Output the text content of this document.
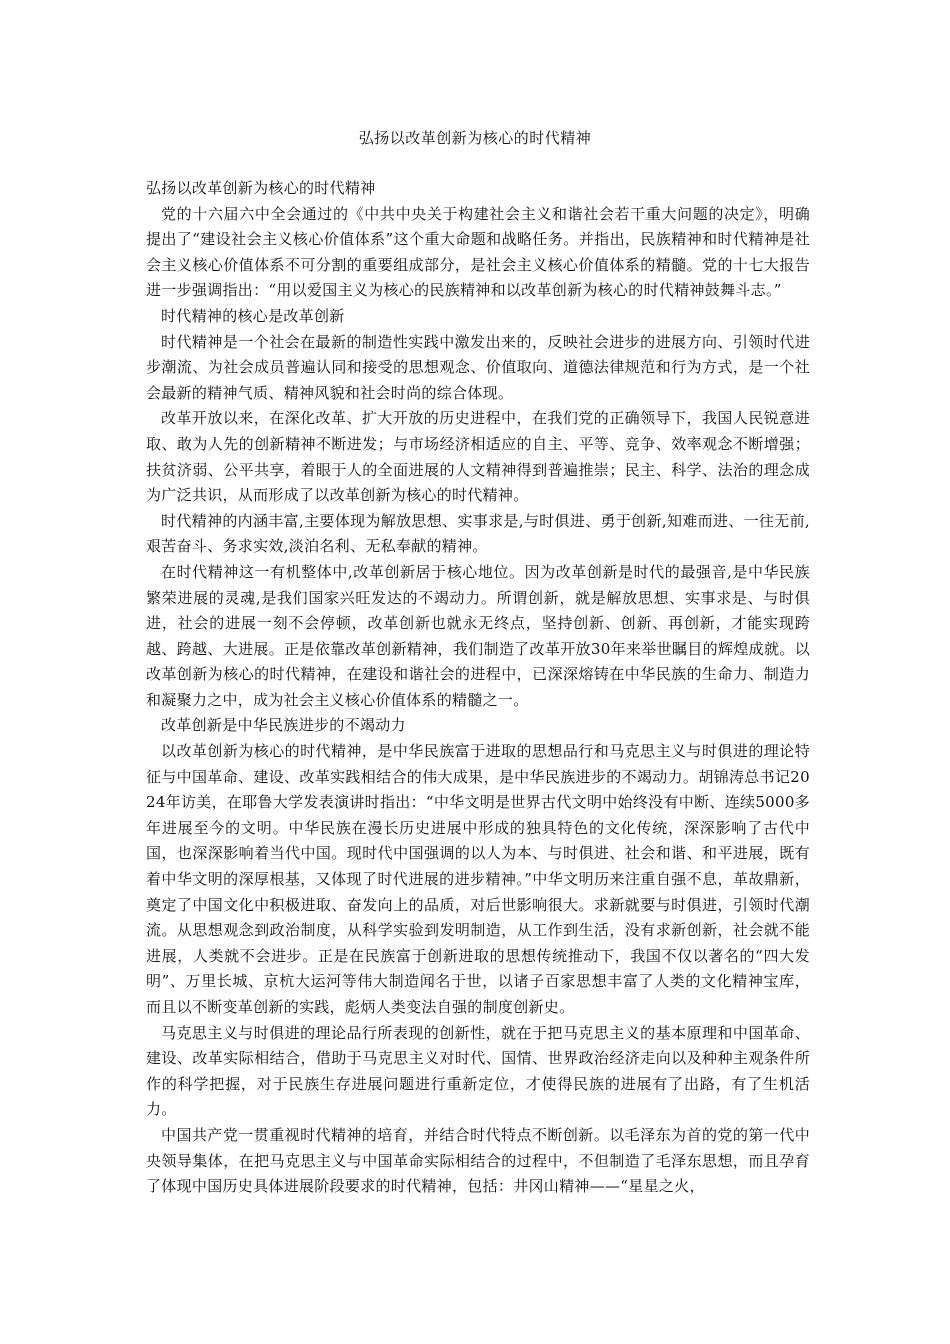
弘扬以改革创新为核心的时代精神

弘扬以改革创新为核心的时代精神

党的十六届六中全会通过的《中共中央关于构建社会主义和谐社会若干重大问题的决定》，明确提出了“建设社会主义核心价值体系”这个重大命题和战略任务。并指出，民族精神和时代精神是社会主义核心价值体系不可分割的重要组成部分，是社会主义核心价值体系的精髓。党的十七大报告进一步强调指出：“用以爱国主义为核心的民族精神和以改革创新为核心的时代精神鼓舞斗志。”

时代精神的核心是改革创新

时代精神是一个社会在最新的制造性实践中激发出来的，反映社会进步的进展方向、引领时代进步潮流、为社会成员普遍认同和接受的思想观念、价值取向、道德法律规范和行为方式，是一个社会最新的精神气质、精神风貌和社会时尚的综合体现。

改革开放以来，在深化改革、扩大开放的历史进程中，在我们党的正确领导下，我国人民锐意进取、敢为人先的创新精神不断进发；与市场经济相适应的自主、平等、竞争、效率观念不断增强；扶贫济弱、公平共享，着眼于人的全面进展的人文精神得到普遍推崇；民主、科学、法治的理念成为广泛共识，从而形成了以改革创新为核心的时代精神。

时代精神的内涵丰富,主要体现为解放思想、实事求是,与时俱进、勇于创新,知难而进、一往无前,艰苦奋斗、务求实效,淡泊名利、无私奉献的精神。

在时代精神这一有机整体中,改革创新居于核心地位。因为改革创新是时代的最强音,是中华民族繁荣进展的灵魂,是我们国家兴旺发达的不竭动力。所谓创新，就是解放思想、实事求是、与时俱进，社会的进展一刻不会停顿，改革创新也就永无终点，坚持创新、创新、再创新，才能实现跨越、跨越、大进展。正是依靠改革创新精神，我们制造了改革开放30年来举世瞩目的辉煌成就。以改革创新为核心的时代精神，在建设和谐社会的进程中，已深深熔铸在中华民族的生命力、制造力和凝聚力之中，成为社会主义核心价值体系的精髓之一。

改革创新是中华民族进步的不竭动力

以改革创新为核心的时代精神，是中华民族富于进取的思想品行和马克思主义与时俱进的理论特征与中国革命、建设、改革实践相结合的伟大成果，是中华民族进步的不竭动力。胡锦涛总书记2024年访美，在耶鲁大学发表演讲时指出：“中华文明是世界古代文明中始终没有中断、连续5000多年进展至今的文明。中华民族在漫长历史进展中形成的独具特色的文化传统，深深影响了古代中国，也深深影响着当代中国。现时代中国强调的以人为本、与时俱进、社会和谐、和平进展，既有着中华文明的深厚根基，又体现了时代进展的进步精神。”中华文明历来注重自强不息，革故鼎新，奠定了中国文化中积极进取、奋发向上的品质，对后世影响很大。求新就要与时俱进，引领时代潮流。从思想观念到政治制度，从科学实验到发明制造，从工作到生活，没有求新创新，社会就不能进展，人类就不会进步。正是在民族富于创新进取的思想传统推动下，我国不仅以著名的“四大发明”、万里长城、京杭大运河等伟大制造闻名于世，以诸子百家思想丰富了人类的文化精神宝库，而且以不断变革创新的实践，彪炳人类变法自强的制度创新史。

马克思主义与时俱进的理论品行所表现的创新性，就在于把马克思主义的基本原理和中国革命、建设、改革实际相结合，借助于马克思主义对时代、国情、世界政治经济走向以及种种主观条件所作的科学把握，对于民族生存进展问题进行重新定位，才使得民族的进展有了出路，有了生机活力。

中国共产党一贯重视时代精神的培育，并结合时代特点不断创新。以毛泽东为首的党的第一代中央领导集体，在把马克思主义与中国革命实际相结合的过程中，不但制造了毛泽东思想，而且孕育了体现中国历史具体进展阶段要求的时代精神，包括：井冈山精神——“星星之火，
